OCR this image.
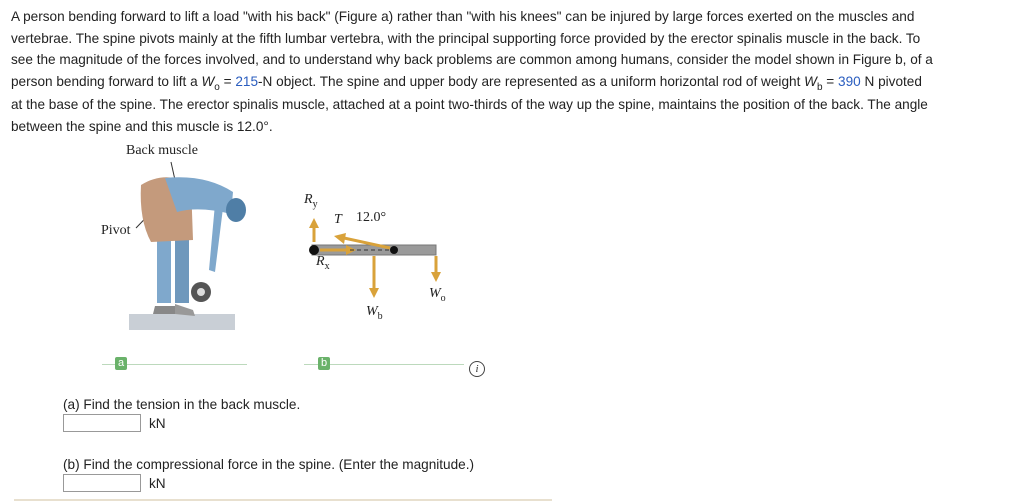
A person bending forward to lift a load "with his back" (Figure a) rather than "with his knees" can be injured by large forces exerted on the muscles and

vertebrae. The spine pivots mainly at the fifth lumbar vertebra, with the principal supporting force provided by the erector spinalis muscle in the back. To

see the magnitude of the forces involved, and to understand why back problems are common among humans, consider the model shown in Figure b, of a

person bending forward to lift a $W_o = 215-N$ object. The spine and upper body are represented as a uniform horizontal rod of weight $W_b = 390$ N pivoted

at the base of the spine. The erector spinalis muscle, attached at a point two-thirds of the way up the spine, maintains the position of the back. The angle

between the spine and this muscle is 12.0°.

Back muscle
Pivot
$R_y$
T 12.0°
$R_x$
$W_b$
$W_o$
a	b	i
(a) Find the tension in the back muscle.
kN
(b) Find the compressional force in the spine. (Enter the magnitude.)
kN
